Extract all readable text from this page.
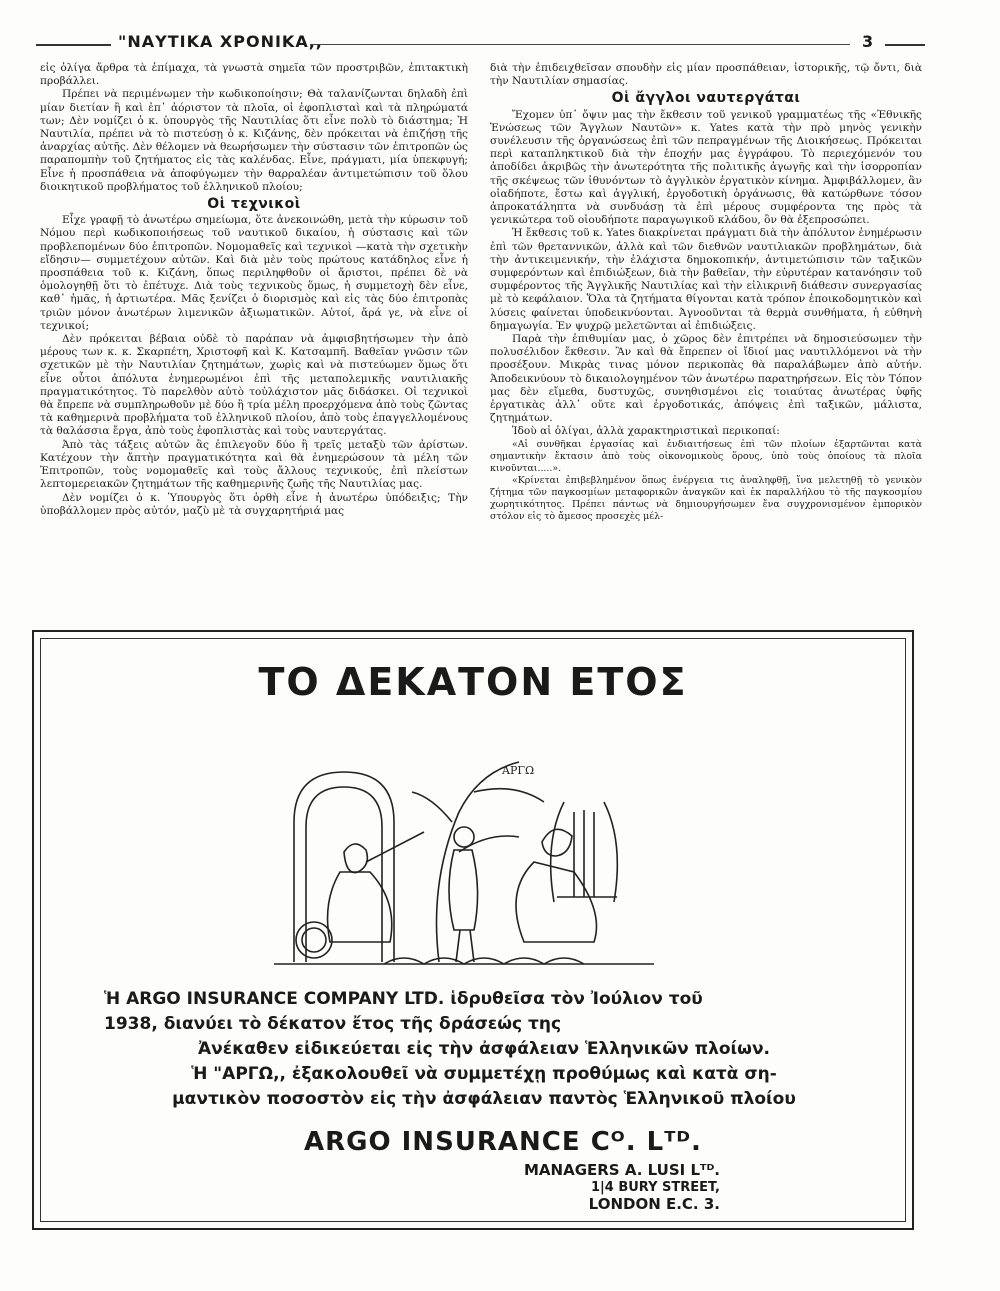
"ΝΑΥΤΙΚΑ ΧΡΟΝΙΚΑ,,	3

εἰς ὀλίγα ἄρθρα τὰ ἐπίμαχα, τὰ γνωστὰ σημεῖα τῶν προστριβῶν, ἐπιτακτικὴ προβάλλει.

Πρέπει νὰ περιμένωμεν τὴν κωδικοποίησιν; Θὰ ταλανίζωνται δηλαδὴ ἐπὶ μίαν διετίαν ἢ καὶ ἐπ᾿ ἀόριστον τὰ πλοῖα, οἱ ἐφοπλισταὶ καὶ τὰ πληρώματά των; Δὲν νομίζει ὁ κ. ὑπουργὸς τῆς Ναυτιλίας ὅτι εἶνε πολὺ τὸ διάστημα; Ἡ Ναυτιλία, πρέπει νὰ τὸ πιστεύσῃ ὁ κ. Κιζάνης, δὲν πρόκειται νὰ ἐπιζήσῃ τῆς ἀναρχίας αὐτῆς. Δὲν θέλομεν νὰ θεωρήσωμεν τὴν σύστασιν τῶν ἐπιτροπῶν ὡς παραπομπὴν τοῦ ζητήματος εἰς τὰς καλένδας. Εἶνε, πράγματι, μία ὑπεκφυγή; Εἶνε ἡ προσπάθεια νὰ ἀποφύγωμεν τὴν θαρραλέαν ἀντιμετώπισιν τοῦ ὅλου διοικητικοῦ προβλήματος τοῦ ἑλληνικοῦ πλοίου;

Οἱ τεχνικοὶ

Εἶχε γραφῇ τὸ ἀνωτέρω σημείωμα, ὅτε ἀνεκοινώθη, μετὰ τὴν κύρωσιν τοῦ Νόμου περὶ κωδικοποιήσεως τοῦ ναυτικοῦ δικαίου, ἡ σύστασις καὶ τῶν προβλεπομένων δύο ἐπιτροπῶν. Νομομαθεῖς καὶ τεχνικοὶ —κατὰ τὴν σχετικὴν εἴδησιν— συμμετέχουν αὐτῶν. Καὶ διὰ μὲν τοὺς πρώτους κατάδηλος εἶνε ἡ προσπάθεια τοῦ κ. Κιζάνη, ὅπως περιληφθοῦν οἱ ἄριστοι, πρέπει δὲ νὰ ὁμολογηθῇ ὅτι τὸ ἐπέτυχε. Διὰ τοὺς τεχνικοὺς ὅμως, ἡ συμμετοχὴ δὲν εἶνε, καθ᾿ ἡμᾶς, ἡ ἀρτιωτέρα. Μᾶς ξενίζει ὁ διορισμὸς καὶ εἰς τὰς δύο ἐπιτροπὰς τριῶν μόνον ἀνωτέρων λιμενικῶν ἀξιωματικῶν. Αὐτοί, ἄρά γε, νὰ εἶνε οἱ τεχνικοί;

Δὲν πρόκειται βέβαια οὐδὲ τὸ παράπαν νὰ ἀμφισβητήσωμεν τὴν ἀπὸ μέρους των κ. κ. Σκαρπέτη, Χριστοφῆ καὶ Κ. Κατσαμπῆ. Βαθεῖαν γνῶσιν τῶν σχετικῶν μὲ τὴν Ναυτιλίαν ζητημάτων, χωρὶς καὶ νὰ πιστεύωμεν ὅμως ὅτι εἶνε οὗτοι ἀπόλυτα ἐνημερωμένοι ἐπὶ τῆς μεταπολεμικῆς ναυτιλιακῆς πραγματικότητος. Τὸ παρελθὸν αὐτὸ τοὐλάχιστον μᾶς διδάσκει. Οἱ τεχνικοὶ θὰ ἔπρεπε νὰ συμπληρωθοῦν μὲ δύο ἢ τρία μέλη προερχόμενα ἀπὸ τοὺς ζῶντας τὰ καθημερινὰ προβλήματα τοῦ ἑλληνικοῦ πλοίου, ἀπὸ τοὺς ἐπαγγελλομένους τὰ θαλάσσια ἔργα, ἀπὸ τοὺς ἐφοπλιστὰς καὶ τοὺς ναυτεργάτας.

Ἀπὸ τὰς τάξεις αὐτῶν ἂς ἐπιλεγοῦν δύο ἢ τρεῖς μεταξὺ τῶν ἀρίστων. Κατέχουν τὴν ἄπτὴν πραγματικότητα καὶ θὰ ἐνημερώσουν τὰ μέλη τῶν Ἐπιτροπῶν, τοὺς νομομαθεῖς καὶ τοὺς ἄλλους τεχνικούς, ἐπὶ πλείστων λεπτομερειακῶν ζητημάτων τῆς καθημερινῆς ζωῆς τῆς Ναυτιλίας μας.

Δὲν νομίζει ὁ κ. Ὑπουργὸς ὅτι ὀρθὴ εἶνε ἡ ἀνωτέρω ὑπόδειξις; Τὴν ὑποβάλλομεν πρὸς αὐτόν, μαζὺ μὲ τὰ συγχαρητήριά μας

διὰ τὴν ἐπιδειχθεῖσαν σπουδὴν εἰς μίαν προσπάθειαν, ἱστορικῆς, τῷ ὄντι, διὰ τὴν Ναυτιλίαν σημασίας.

Οἱ ἄγγλοι ναυτεργάται

Ἔχομεν ὑπ᾿ ὄψιν μας τὴν ἔκθεσιν τοῦ γενικοῦ γραμματέως τῆς «Ἐθνικῆς Ἑνώσεως τῶν Ἄγγλων Ναυτῶν» κ. Yates κατὰ τὴν πρὸ μηνὸς γενικὴν συνέλευσιν τῆς ὀργανώσεως ἐπὶ τῶν πεπραγμένων τῆς Διοικήσεως. Πρόκειται περὶ καταπληκτικοῦ διὰ τὴν ἐποχήν μας ἐγγράφου. Τὸ περιεχόμενόν του ἀποδίδει ἀκριβῶς τὴν ἀνωτερότητα τῆς πολιτικῆς ἀγωγῆς καὶ τὴν ἰσορροπίαν τῆς σκέψεως τῶν ἰθυνόντων τὸ ἀγγλικὸν ἐργατικὸν κίνημα. Ἀμφιβάλλομεν, ἂν οἱαδήποτε, ἔστω καὶ ἀγγλική, ἐργοδοτικὴ ὀργάνωσις, θὰ κατώρθωνε τόσον ἀπροκατάληπτα νὰ συνδυάσῃ τὰ ἐπὶ μέρους συμφέροντα της πρὸς τὰ γενικώτερα τοῦ οἱουδήποτε παραγωγικοῦ κλάδου, ὂν θὰ ἐξεπροσώπει.

Ἡ ἔκθεσις τοῦ κ. Yates διακρίνεται πράγματι διὰ τὴν ἀπόλυτον ἐνημέρωσιν ἐπὶ τῶν θρεταννικῶν, ἀλλὰ καὶ τῶν διεθνῶν ναυτιλιακῶν προβλημάτων, διὰ τὴν ἀντικειμενικήν, τὴν ἐλάχιστα δημοκοπικήν, ἀντιμετώπισιν τῶν ταξικῶν συμφερόντων καὶ ἐπιδιώξεων, διὰ τὴν βαθεῖαν, τὴν εὐρυτέραν κατανόησιν τοῦ συμφέροντος τῆς Ἀγγλικῆς Ναυτιλίας καὶ τὴν εἰλικρινῆ διάθεσιν συνεργασίας μὲ τὸ κεφάλαιον. Ὅλα τὰ ζητήματα θίγονται κατὰ τρόπον ἐποικοδομητικὸν καὶ λύσεις φαίνεται ὑποδεικνύονται. Ἀγνοοῦνται τὰ θερμὰ συνθήματα, ἡ εὐθηνὴ δημαγωγία. Ἐν ψυχρῷ μελετῶνται αἱ ἐπιδιώξεις.

Παρὰ τὴν ἐπιθυμίαν μας, ὁ χῶρος δὲν ἐπιτρέπει νὰ δημοσιεύσωμεν τὴν πολυσέλιδον ἔκθεσιν. Ἂν καὶ θὰ ἔπρεπεν οἱ ἴδιοί μας ναυτιλλόμενοι νὰ τὴν προσέξουν. Μικρὰς τινας μόνον περικοπὰς θὰ παραλάβωμεν ἀπὸ αὐτήν. Ἀποδεικνύουν τὸ δικαιολογημένον τῶν ἀνωτέρω παρατηρήσεων. Εἰς τὸν Τόπον μας δὲν εἴμεθα, δυστυχῶς, συνηθισμένοι εἰς τοιαύτας ἀνωτέρας ὑφῆς ἐργατικὰς ἀλλ᾿ οὔτε καὶ ἐργοδοτικάς, ἀπόψεις ἐπὶ ταξικῶν, μάλιστα, ζητημάτων.

Ἰδοὺ αἱ ὀλίγαι, ἀλλὰ χαρακτηριστικαὶ περικοπαί:

«Αἱ συνθῆκαι ἐργασίας καὶ ἐνδιαιτήσεως ἐπὶ τῶν πλοίων ἐξαρτῶνται κατὰ σημαντικὴν ἔκτασιν ἀπὸ τοὺς οἰκονομικοὺς ὅρους, ὑπὸ τοὺς ὁποίους τὰ πλοῖα κινοῦνται.....».

«Κρίνεται ἐπιβεβλημένον ὅπως ἐνέργεια τις ἀναληφθῇ, ἵνα μελετηθῇ τὸ γενικὸν ζήτημα τῶν παγκοσμίων μεταφορικῶν ἀναγκῶν καὶ ἐκ παραλλήλου τὸ τῆς παγκοσμίου χωρητικότητος. Πρέπει πάντως νὰ δημιουργήσωμεν ἕνα συγχρονισμένον ἐμπορικὸν στόλον εἰς τὸ ἄμεσος προσεχὲς μέλ-

ΤΟ ΔΕΚΑΤΟΝ ΕΤΟΣ
ΑΡΓΩ

Ἡ ARGO INSURANCE COMPANY LTD. ἱδρυθεῖσα τὸν Ἰούλιον τοῦ

1938, διανύει τὸ δέκατον ἔτος τῆς δράσεώς της

Ἀνέκαθεν εἰδικεύεται εἰς τὴν ἀσφάλειαν Ἑλληνικῶν πλοίων.

Ἡ "ΑΡΓΩ,, ἐξακολουθεῖ νὰ συμμετέχῃ προθύμως καὶ κατὰ ση-

μαντικὸν ποσοστὸν εἰς τὴν ἀσφάλειαν παντὸς Ἑλληνικοῦ πλοίου

ARGO INSURANCE Cᴼ. Lᵀᴰ.
MANAGERS A. LUSI Lᵀᴰ.
1|4 BURY STREET,
LONDON E.C. 3.
